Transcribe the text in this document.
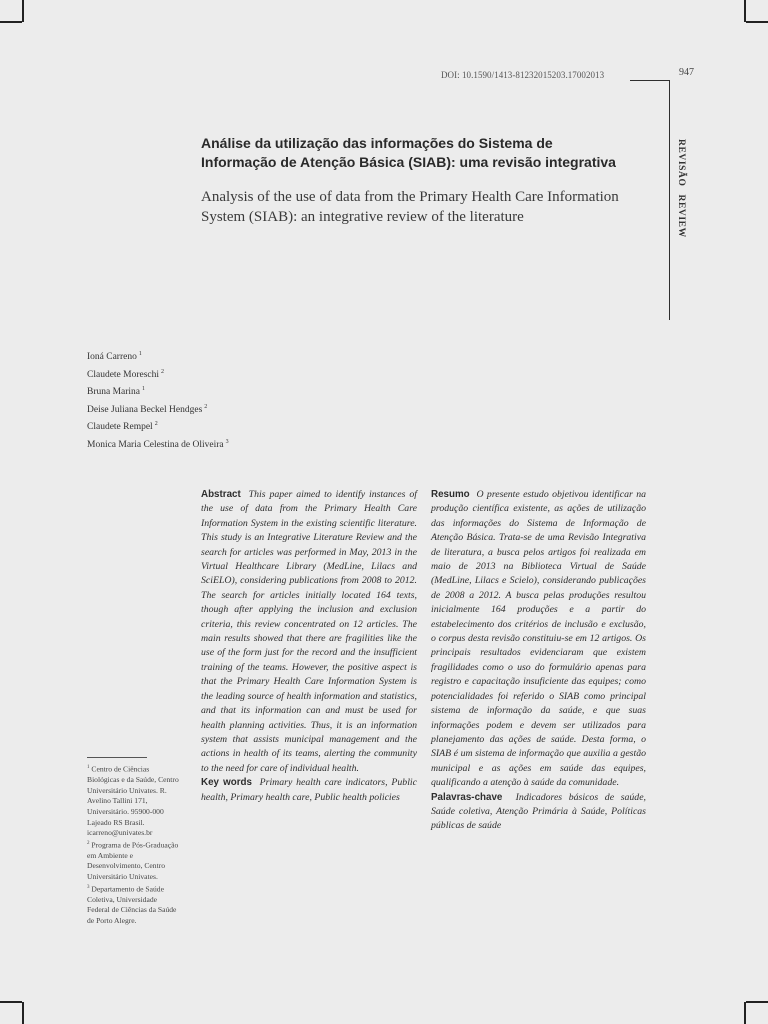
DOI: 10.1590/1413-81232015203.17002013	947
REVISÃOREVIEW
Análise da utilização das informações do Sistema de Informação de Atenção Básica (SIAB): uma revisão integrativa
Analysis of the use of data from the Primary Health Care Information System (SIAB): an integrative review of the literature
Ioná Carreno $^1$
Claudete Moreschi $^2$
Bruna Marina $^1$
Deise Juliana Beckel Hendges $^2$
Claudete Rempel $^2$
Monica Maria Celestina de Oliveira $^3$

$^1$ Centro de Ciências Biológicas e da Saúde, Centro Universitário Univates. R. Avelino Tallini 171, Universitário. 95900-000 Lajeado RS Brasil. icarreno@univates.br

$^2$ Programa de Pós-Graduação em Ambiente e Desenvolvimento, Centro Universitário Univates.

$^3$ Departamento de Saúde Coletiva, Universidade Federal de Ciências da Saúde de Porto Alegre.

Abstract This paper aimed to identify instances of the use of data from the Primary Health Care Information System in the existing scientific literature. This study is an Integrative Literature Review and the search for articles was performed in May, 2013 in the Virtual Healthcare Library (MedLine, Lilacs and SciELO), considering publications from 2008 to 2012. The search for articles initially located 164 texts, though after applying the inclusion and exclusion criteria, this review concentrated on 12 articles. The main results showed that there are fragilities like the use of the form just for the record and the insufficient training of the teams. However, the positive aspect is that the Primary Health Care Information System is the leading source of health information and statistics, and that its information can and must be used for health planning activities. Thus, it is an information system that assists municipal management and the actions in health of its teams, alerting the community to the need for care of individual health.
Key words Primary health care indicators, Public health, Primary health care, Public health policies
Resumo O presente estudo objetivou identificar na produção científica existente, as ações de utilização das informações do Sistema de Informação de Atenção Básica. Trata-se de uma Revisão Integrativa de literatura, a busca pelos artigos foi realizada em maio de 2013 na Biblioteca Virtual de Saúde (MedLine, Lilacs e Scielo), considerando publicações de 2008 a 2012. A busca pelas produções resultou inicialmente 164 produções e a partir do estabelecimento dos critérios de inclusão e exclusão, o corpus desta revisão constituiu-se em 12 artigos. Os principais resultados evidenciaram que existem fragilidades como o uso do formulário apenas para registro e capacitação insuficiente das equipes; como potencialidades foi referido o SIAB como principal sistema de informação da saúde, e que suas informações podem e devem ser utilizados para planejamento das ações de saúde. Desta forma, o SIAB é um sistema de informação que auxilia a gestão municipal e as ações em saúde das equipes, qualificando a atenção à saúde da comunidade.
Palavras-chave Indicadores básicos de saúde, Saúde coletiva, Atenção Primária à Saúde, Políticas públicas de saúde
